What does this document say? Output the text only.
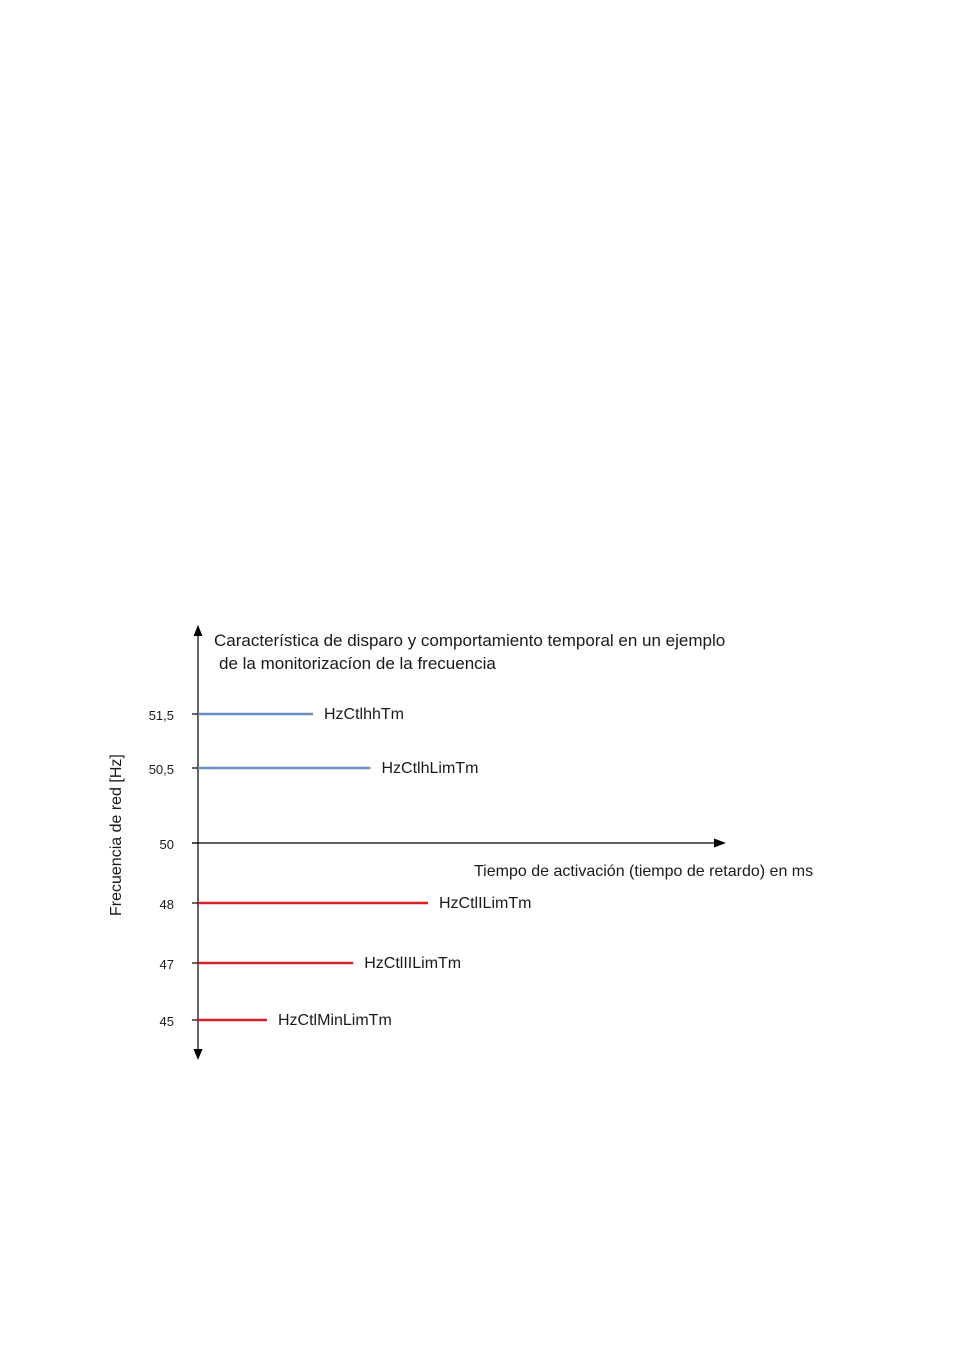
Característica de disparo y comportamiento temporal en un ejemplo
de la monitorizacíon de la frecuencia
Frecuencia de red [Hz]	Tiempo de activación (tiempo de retardo) en ms
50
51,5	HzCtlhhTm
50,5	HzCtlhLimTm
48	HzCtlILimTm
47	HzCtlIILimTm
45	HzCtlMinLimTm
